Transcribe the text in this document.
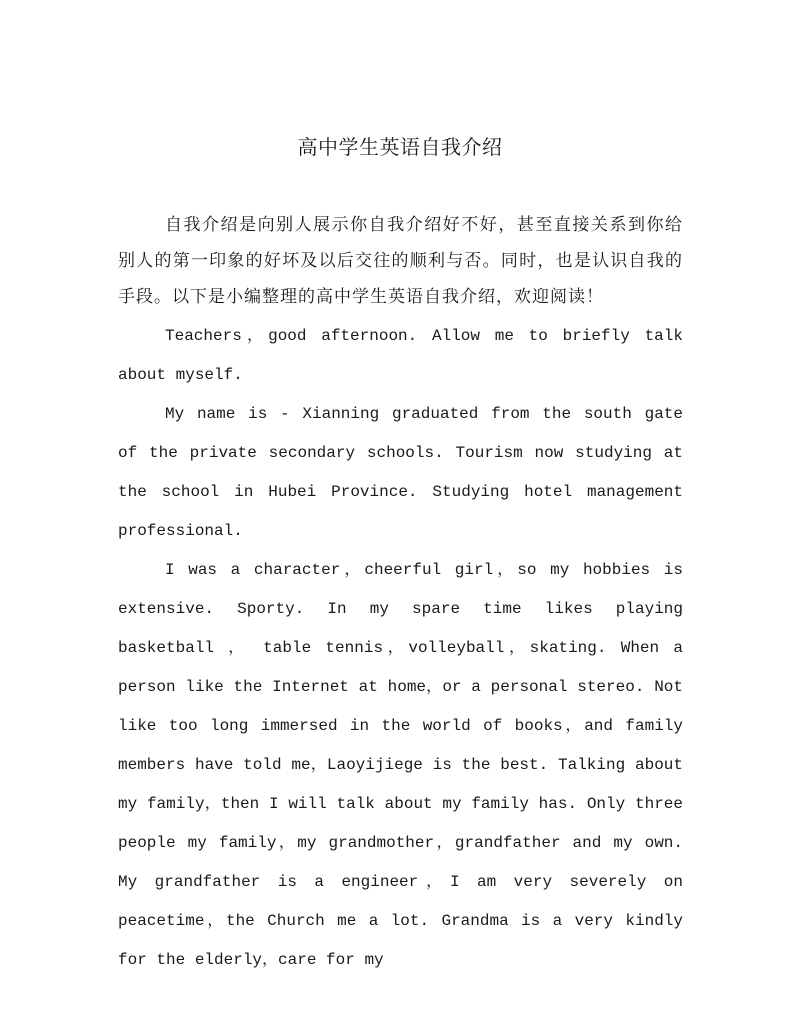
高中学生英语自我介绍

自我介绍是向别人展示你自我介绍好不好，甚至直接关系到你给别人的第一印象的好坏及以后交往的顺利与否。同时，也是认识自我的手段。以下是小编整理的高中学生英语自我介绍，欢迎阅读！

Teachers，good afternoon. Allow me to briefly talk about myself.

My name is - Xianning graduated from the south gate of the private secondary schools. Tourism now studying at the school in Hubei Province. Studying hotel management professional.

I was a character，cheerful girl，so my hobbies is extensive. Sporty. In my spare time likes playing basketball ， table tennis，volleyball，skating. When a person like the Internet at home，or a personal stereo. Not like too long immersed in the world of books，and family members have told me，Laoyijiege is the best. Talking about my family，then I will talk about my family has. Only three people my family，my grandmother，grandfather and my own. My grandfather is a engineer，I am very severely on peacetime，the Church me a lot. Grandma is a very kindly for the elderly，care for my
